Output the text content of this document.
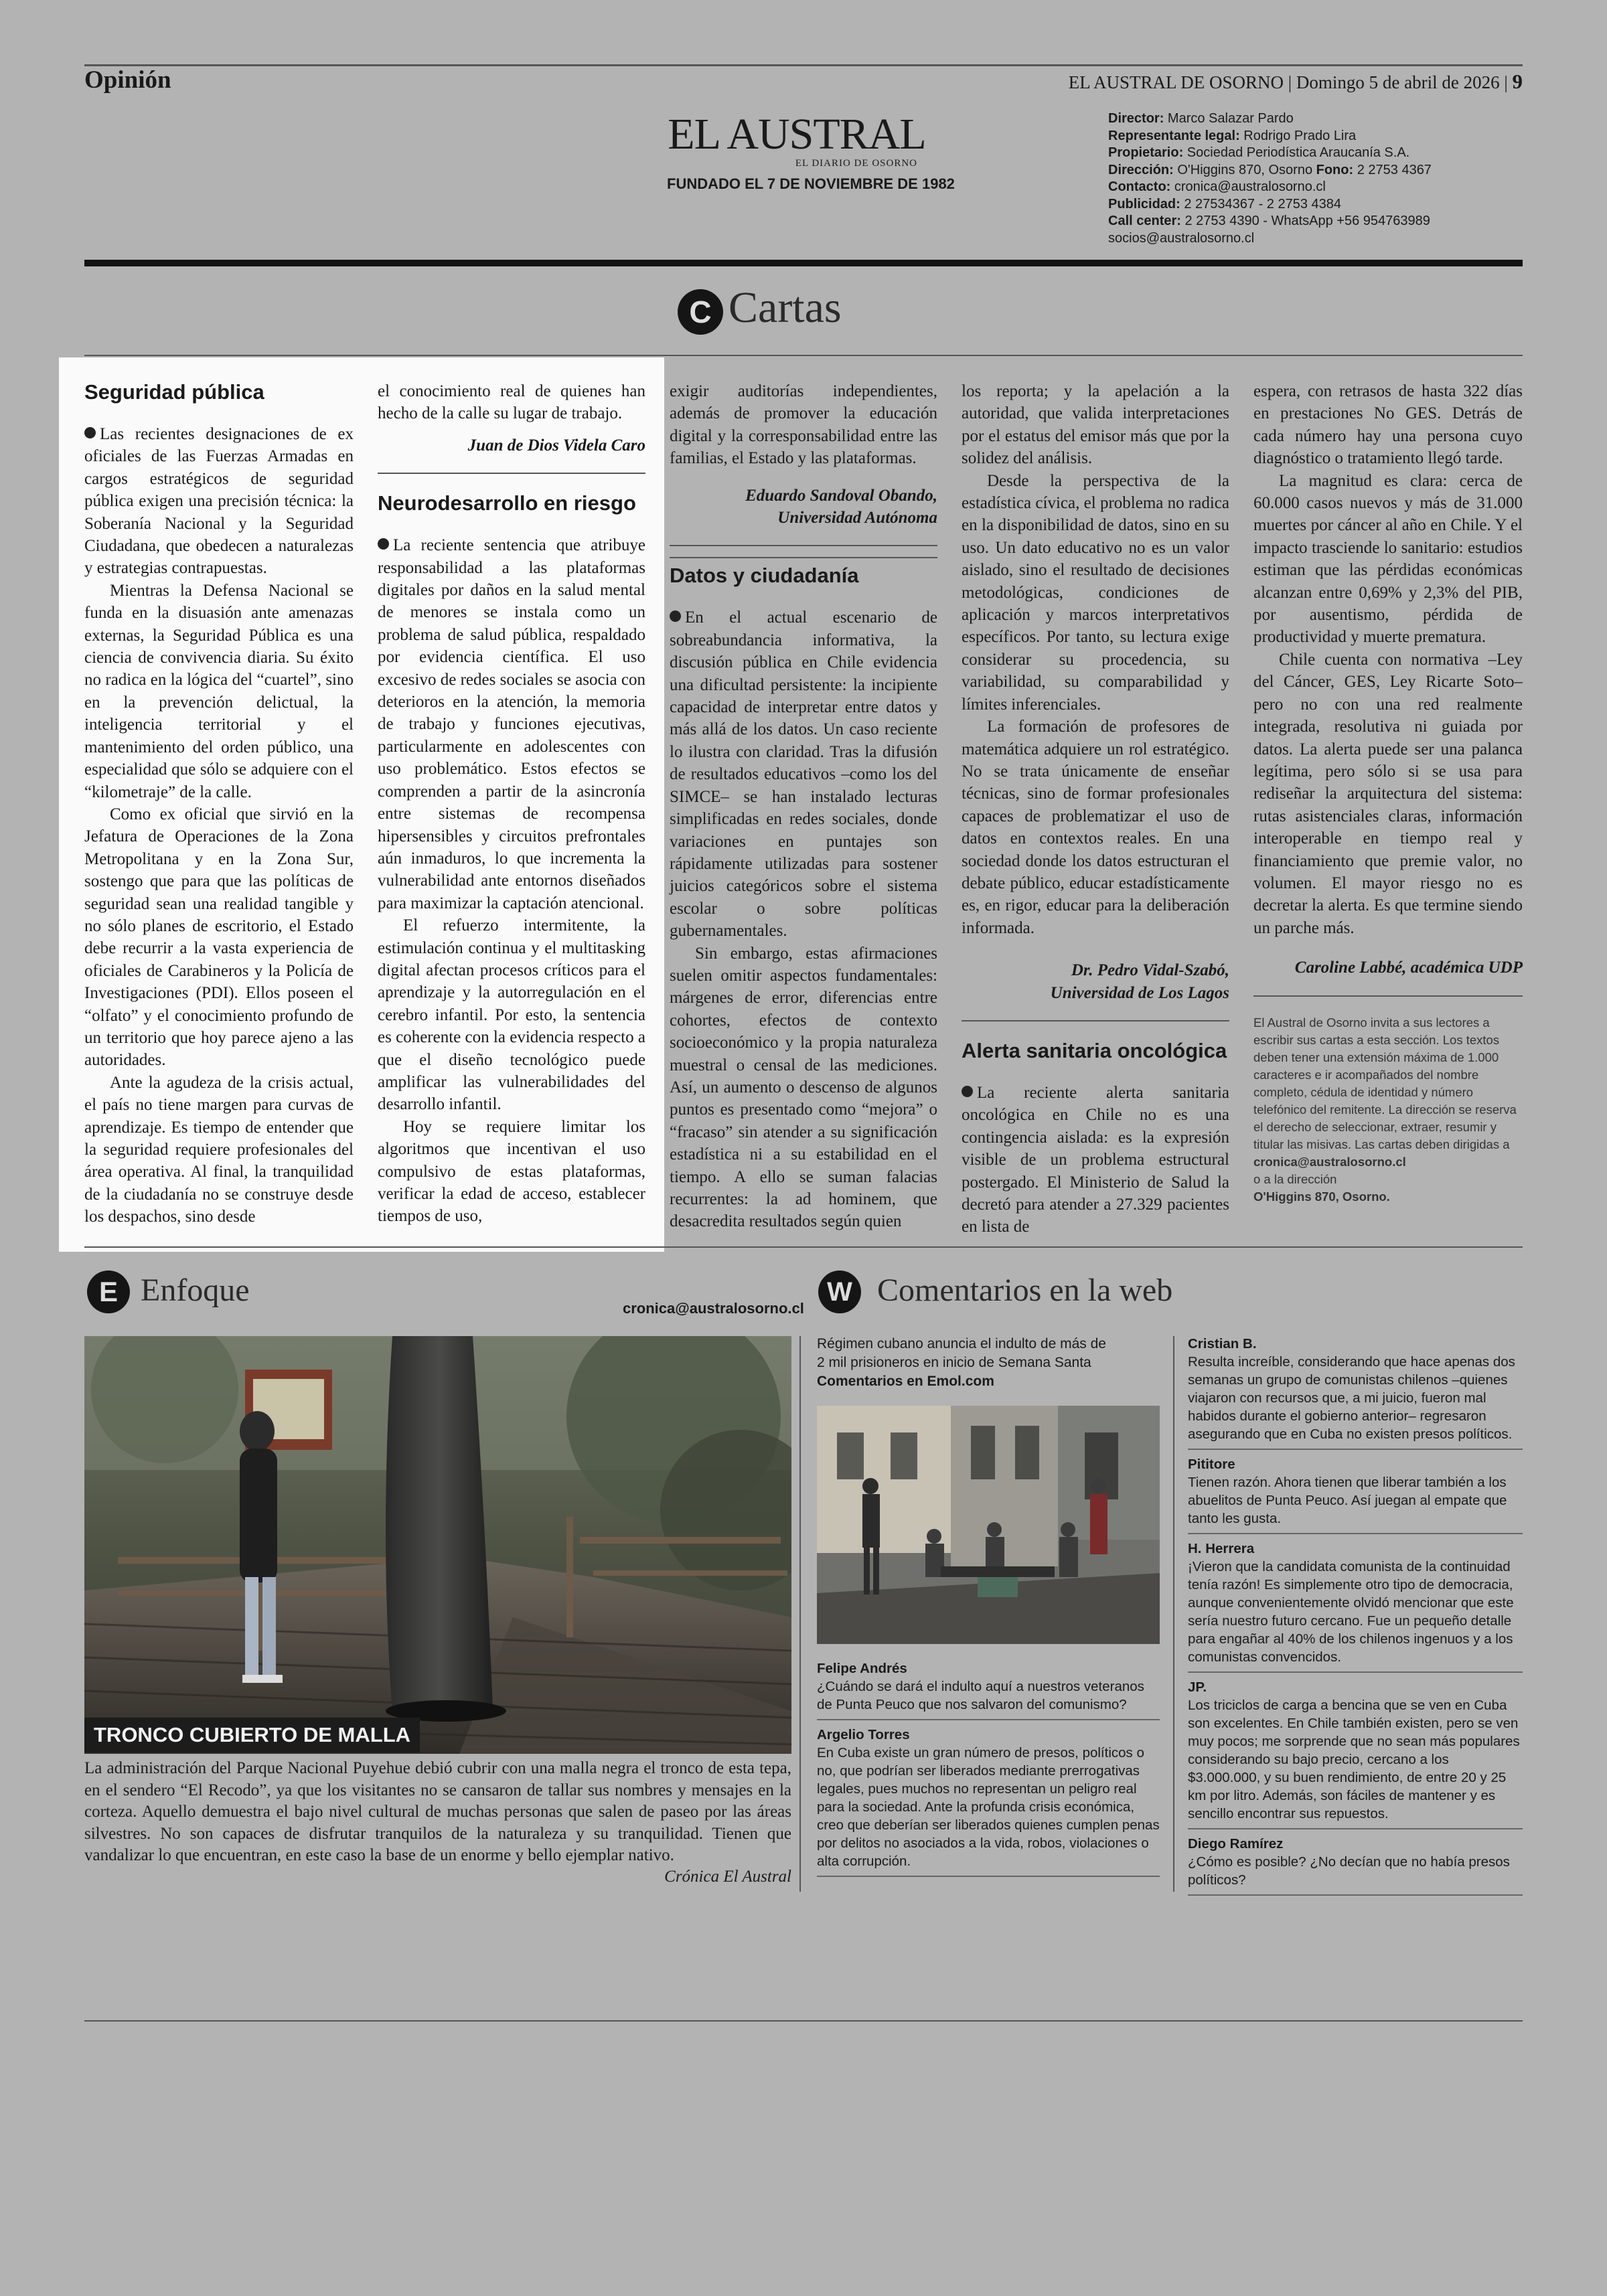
Opinión	EL AUSTRAL DE OSORNO | Domingo 5 de abril de 2026 | 9
EL AUSTRAL
EL DIARIO DE OSORNO
FUNDADO EL 7 DE NOVIEMBRE DE 1982
Director: Marco Salazar Pardo
Representante legal: Rodrigo Prado Lira
Propietario: Sociedad Periodística Araucanía S.A.
Dirección: O'Higgins 870, Osorno Fono: 2 2753 4367
Contacto: cronica@australosorno.cl
Publicidad: 2 27534367 - 2 2753 4384
Call center: 2 2753 4390 - WhatsApp +56 954763989
socios@australosorno.cl
C Cartas
Seguridad pública

Las recientes designaciones de ex oficiales de las Fuerzas Armadas en cargos estratégicos de seguridad pública exigen una precisión técnica: la Soberanía Nacional y la Seguridad Ciudadana, que obedecen a naturalezas y estrategias contrapuestas.

Mientras la Defensa Nacional se funda en la disuasión ante amenazas externas, la Seguridad Pública es una ciencia de convivencia diaria. Su éxito no radica en la lógica del “cuartel”, sino en la prevención delictual, la inteligencia territorial y el mantenimiento del orden público, una especialidad que sólo se adquiere con el “kilometraje” de la calle.

Como ex oficial que sirvió en la Jefatura de Operaciones de la Zona Metropolitana y en la Zona Sur, sostengo que para que las políticas de seguridad sean una realidad tangible y no sólo planes de escritorio, el Estado debe recurrir a la vasta experiencia de oficiales de Carabineros y la Policía de Investigaciones (PDI). Ellos poseen el “olfato” y el conocimiento profundo de un territorio que hoy parece ajeno a las autoridades.

Ante la agudeza de la crisis actual, el país no tiene margen para curvas de aprendizaje. Es tiempo de entender que la seguridad requiere profesionales del área operativa. Al final, la tranquilidad de la ciudadanía no se construye desde los despachos, sino desde

el conocimiento real de quienes han hecho de la calle su lugar de trabajo.

Juan de Dios Videla Caro

Neurodesarrollo en riesgo

La reciente sentencia que atribuye responsabilidad a las plataformas digitales por daños en la salud mental de menores se instala como un problema de salud pública, respaldado por evidencia científica. El uso excesivo de redes sociales se asocia con deterioros en la atención, la memoria de trabajo y funciones ejecutivas, particularmente en adolescentes con uso problemático. Estos efectos se comprenden a partir de la asincronía entre sistemas de recompensa hipersensibles y circuitos prefrontales aún inmaduros, lo que incrementa la vulnerabilidad ante entornos diseñados para maximizar la captación atencional.

El refuerzo intermitente, la estimulación continua y el multitasking digital afectan procesos críticos para el aprendizaje y la autorregulación en el cerebro infantil. Por esto, la sentencia es coherente con la evidencia respecto a que el diseño tecnológico puede amplificar las vulnerabilidades del desarrollo infantil.

Hoy se requiere limitar los algoritmos que incentivan el uso compulsivo de estas plataformas, verificar la edad de acceso, establecer tiempos de uso,

exigir auditorías independientes, además de promover la educación digital y la corresponsabilidad entre las familias, el Estado y las plataformas.

Eduardo Sandoval Obando,

Universidad Autónoma

Datos y ciudadanía

En el actual escenario de sobreabundancia informativa, la discusión pública en Chile evidencia una dificultad persistente: la incipiente capacidad de interpretar entre datos y más allá de los datos. Un caso reciente lo ilustra con claridad. Tras la difusión de resultados educativos –como los del SIMCE– se han instalado lecturas simplificadas en redes sociales, donde variaciones en puntajes son rápidamente utilizadas para sostener juicios categóricos sobre el sistema escolar o sobre políticas gubernamentales.

Sin embargo, estas afirmaciones suelen omitir aspectos fundamentales: márgenes de error, diferencias entre cohortes, efectos de contexto socioeconómico y la propia naturaleza muestral o censal de las mediciones. Así, un aumento o descenso de algunos puntos es presentado como “mejora” o “fracaso” sin atender a su significación estadística ni a su estabilidad en el tiempo. A ello se suman falacias recurrentes: la ad hominem, que desacredita resultados según quien

los reporta; y la apelación a la autoridad, que valida interpretaciones por el estatus del emisor más que por la solidez del análisis.

Desde la perspectiva de la estadística cívica, el problema no radica en la disponibilidad de datos, sino en su uso. Un dato educativo no es un valor aislado, sino el resultado de decisiones metodológicas, condiciones de aplicación y marcos interpretativos específicos. Por tanto, su lectura exige considerar su procedencia, su variabilidad, su comparabilidad y límites inferenciales.

La formación de profesores de matemática adquiere un rol estratégico. No se trata únicamente de enseñar técnicas, sino de formar profesionales capaces de problematizar el uso de datos en contextos reales. En una sociedad donde los datos estructuran el debate público, educar estadísticamente es, en rigor, educar para la deliberación informada.

Dr. Pedro Vidal-Szabó,

Universidad de Los Lagos

Alerta sanitaria oncológica

La reciente alerta sanitaria oncológica en Chile no es una contingencia aislada: es la expresión visible de un problema estructural postergado. El Ministerio de Salud la decretó para atender a 27.329 pacientes en lista de

espera, con retrasos de hasta 322 días en prestaciones No GES. Detrás de cada número hay una persona cuyo diagnóstico o tratamiento llegó tarde.

La magnitud es clara: cerca de 60.000 casos nuevos y más de 31.000 muertes por cáncer al año en Chile. Y el impacto trasciende lo sanitario: estudios estiman que las pérdidas económicas alcanzan entre 0,69% y 2,3% del PIB, por ausentismo, pérdida de productividad y muerte prematura.

Chile cuenta con normativa –Ley del Cáncer, GES, Ley Ricarte Soto– pero no con una red realmente integrada, resolutiva ni guiada por datos. La alerta puede ser una palanca legítima, pero sólo si se usa para rediseñar la arquitectura del sistema: rutas asistenciales claras, información interoperable en tiempo real y financiamiento que premie valor, no volumen. El mayor riesgo no es decretar la alerta. Es que termine siendo un parche más.

Caroline Labbé, académica UDP

El Austral de Osorno invita a sus lectores a escribir sus cartas a esta sección. Los textos deben tener una extensión máxima de 1.000 caracteres e ir acompañados del nombre completo, cédula de identidad y número telefónico del remitente. La dirección se reserva el derecho de seleccionar, extraer, resumir y titular las misivas. Las cartas deben dirigidas a
cronica@australosorno.cl
o a la dirección
O'Higgins 870, Osorno.
E Enfoque
cronica@australosorno.cl
TRONCO CUBIERTO DE MALLA
La administración del Parque Nacional Puyehue debió cubrir con una malla negra el tronco de esta tepa, en el sendero “El Recodo”, ya que los visitantes no se cansaron de tallar sus nombres y mensajes en la corteza. Aquello demuestra el bajo nivel cultural de muchas personas que salen de paseo por las áreas silvestres. No son capaces de disfrutar tranquilos de la naturaleza y su tranquilidad. Tienen que vandalizar lo que encuentran, en este caso la base de un enorme y bello ejemplar nativo.
Crónica El Austral
W Comentarios en la web
Régimen cubano anuncia el indulto de más de 2 mil prisioneros en inicio de Semana Santa
Comentarios en Emol.com
Felipe Andrés
¿Cuándo se dará el indulto aquí a nuestros veteranos de Punta Peuco que nos salvaron del comunismo?
Argelio Torres
En Cuba existe un gran número de presos, políticos o no, que podrían ser liberados mediante prerrogativas legales, pues muchos no representan un peligro real para la sociedad. Ante la profunda crisis económica, creo que deberían ser liberados quienes cumplen penas por delitos no asociados a la vida, robos, violaciones o alta corrupción.
Cristian B.
Resulta increíble, considerando que hace apenas dos semanas un grupo de comunistas chilenos –quienes viajaron con recursos que, a mi juicio, fueron mal habidos durante el gobierno anterior– regresaron asegurando que en Cuba no existen presos políticos.
Pititore
Tienen razón. Ahora tienen que liberar también a los abuelitos de Punta Peuco. Así juegan al empate que tanto les gusta.
H. Herrera
¡Vieron que la candidata comunista de la continuidad tenía razón! Es simplemente otro tipo de democracia, aunque convenientemente olvidó mencionar que este sería nuestro futuro cercano. Fue un pequeño detalle para engañar al 40% de los chilenos ingenuos y a los comunistas convencidos.
JP.
Los triciclos de carga a bencina que se ven en Cuba son excelentes. En Chile también existen, pero se ven muy pocos; me sorprende que no sean más populares considerando su bajo precio, cercano a los $3.000.000, y su buen rendimiento, de entre 20 y 25 km por litro. Además, son fáciles de mantener y es sencillo encontrar sus repuestos.
Diego Ramírez
¿Cómo es posible? ¿No decían que no había presos políticos?
